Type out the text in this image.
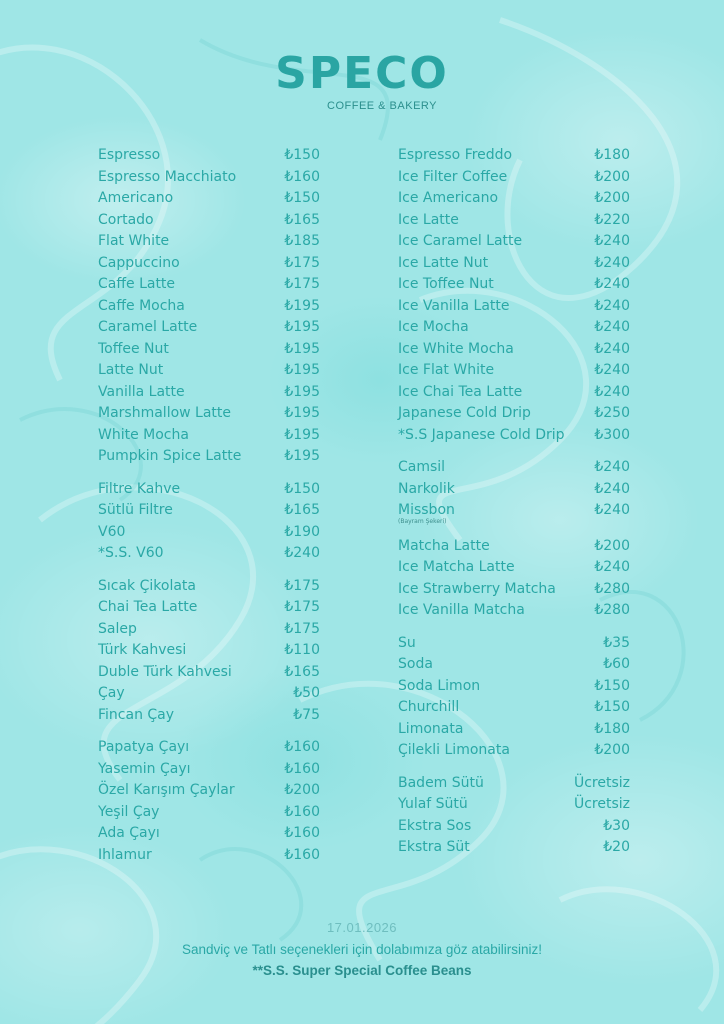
SPECO
COFFEE & BAKERY
Espresso	₺150
Espresso Macchiato	₺160
Americano	₺150
Cortado	₺165
Flat White	₺185
Cappuccino	₺175
Caffe Latte	₺175
Caffe Mocha	₺195
Caramel Latte	₺195
Toffee Nut	₺195
Latte Nut	₺195
Vanilla Latte	₺195
Marshmallow Latte	₺195
White Mocha	₺195
Pumpkin Spice Latte	₺195
Filtre Kahve	₺150
Sütlü Filtre	₺165
V60	₺190
*S.S. V60	₺240
Sıcak Çikolata	₺175
Chai Tea Latte	₺175
Salep	₺175
Türk Kahvesi	₺110
Duble Türk Kahvesi	₺165
Çay	₺50
Fincan Çay	₺75
Papatya Çayı	₺160
Yasemin Çayı	₺160
Özel Karışım Çaylar	₺200
Yeşil Çay	₺160
Ada Çayı	₺160
Ihlamur	₺160
Espresso Freddo	₺180
Ice Filter Coffee	₺200
Ice Americano	₺200
Ice Latte	₺220
Ice Caramel Latte	₺240
Ice Latte Nut	₺240
Ice Toffee Nut	₺240
Ice Vanilla Latte	₺240
Ice Mocha	₺240
Ice White Mocha	₺240
Ice Flat White	₺240
Ice Chai Tea Latte	₺240
Japanese Cold Drip	₺250
*S.S Japanese Cold Drip ₺300
Camsil	₺240
Narkolik	₺240
Missbon	₺240
(Bayram Şekeri)
Matcha Latte	₺200
Ice Matcha Latte	₺240
Ice Strawberry Matcha	₺280
Ice Vanilla Matcha	₺280
Su	₺35
Soda	₺60
Soda Limon	₺150
Churchill	₺150
Limonata	₺180
Çilekli Limonata	₺200
Badem Sütü	Ücretsiz
Yulaf Sütü	Ücretsiz
Ekstra Sos	₺30
Ekstra Süt	₺20
17.01.2026
Sandviç ve Tatlı seçenekleri için dolabımıza göz atabilirsiniz!
**S.S. Super Special Coffee Beans
